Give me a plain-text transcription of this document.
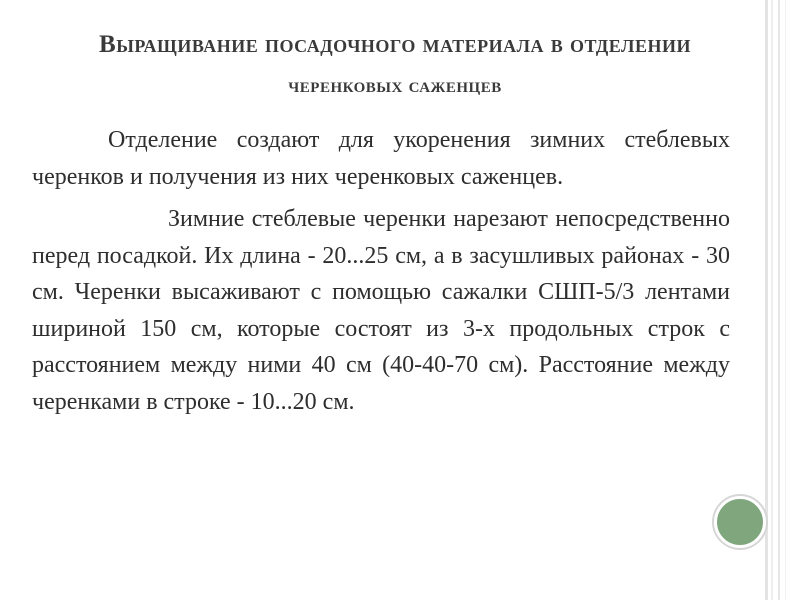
Выращивание посадочного материала в отделении
черенковых саженцев

Отделение создают для укоренения зимних стеблевых черенков и получения из них черенковых саженцев.

Зимние стеблевые черенки нарезают непосредственно перед посадкой. Их длина - 20...25 см, а в засушливых районах - 30 см. Черенки высаживают с помощью сажалки СШП-5/3 лентами шириной 150 см, которые состоят из 3-х продольных строк с расстоянием между ними 40 см (40-40-70 см). Расстояние между черенками в строке - 10...20 см.
